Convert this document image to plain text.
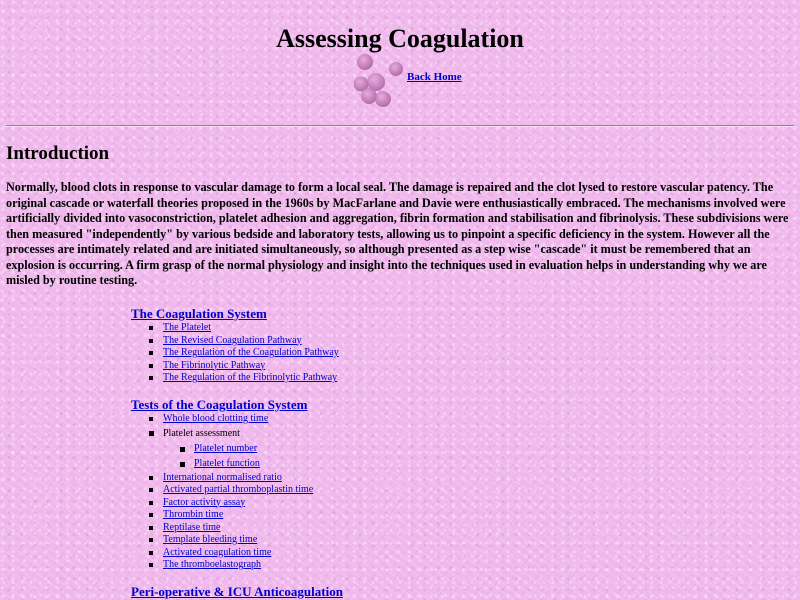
Assessing Coagulation
Back Home
Introduction

Normally, blood clots in response to vascular damage to form a local seal. The damage is repaired and the clot lysed to restore vascular patency. The original cascade or waterfall theories proposed in the 1960s by MacFarlane and Davie were enthusiastically embraced. The mechanisms involved were artificially divided into vasoconstriction, platelet adhesion and aggregation, fibrin formation and stabilisation and fibrinolysis. These subdivisions were then measured "independently" by various bedside and laboratory tests, allowing us to pinpoint a specific deficiency in the system. However all the processes are intimately related and are initiated simultaneously, so although presented as a step wise "cascade" it must be remembered that an explosion is occurring. A firm grasp of the normal physiology and insight into the techniques used in evaluation helps in understanding why we are misled by routine testing.

The Coagulation System
The Platelet
The Revised Coagulation Pathway
The Regulation of the Coagulation Pathway
The Fibrinolytic Pathway
The Regulation of the Fibrinolytic Pathway
Tests of the Coagulation System
Whole blood clotting time
Platelet assessment
Platelet number
Platelet function
International normalised ratio
Activated partial thromboplastin time
Factor activity assay
Thrombin time
Reptilase time
Template bleeding time
Activated coagulation time
The thromboelastograph
Peri-operative & ICU Anticoagulation
